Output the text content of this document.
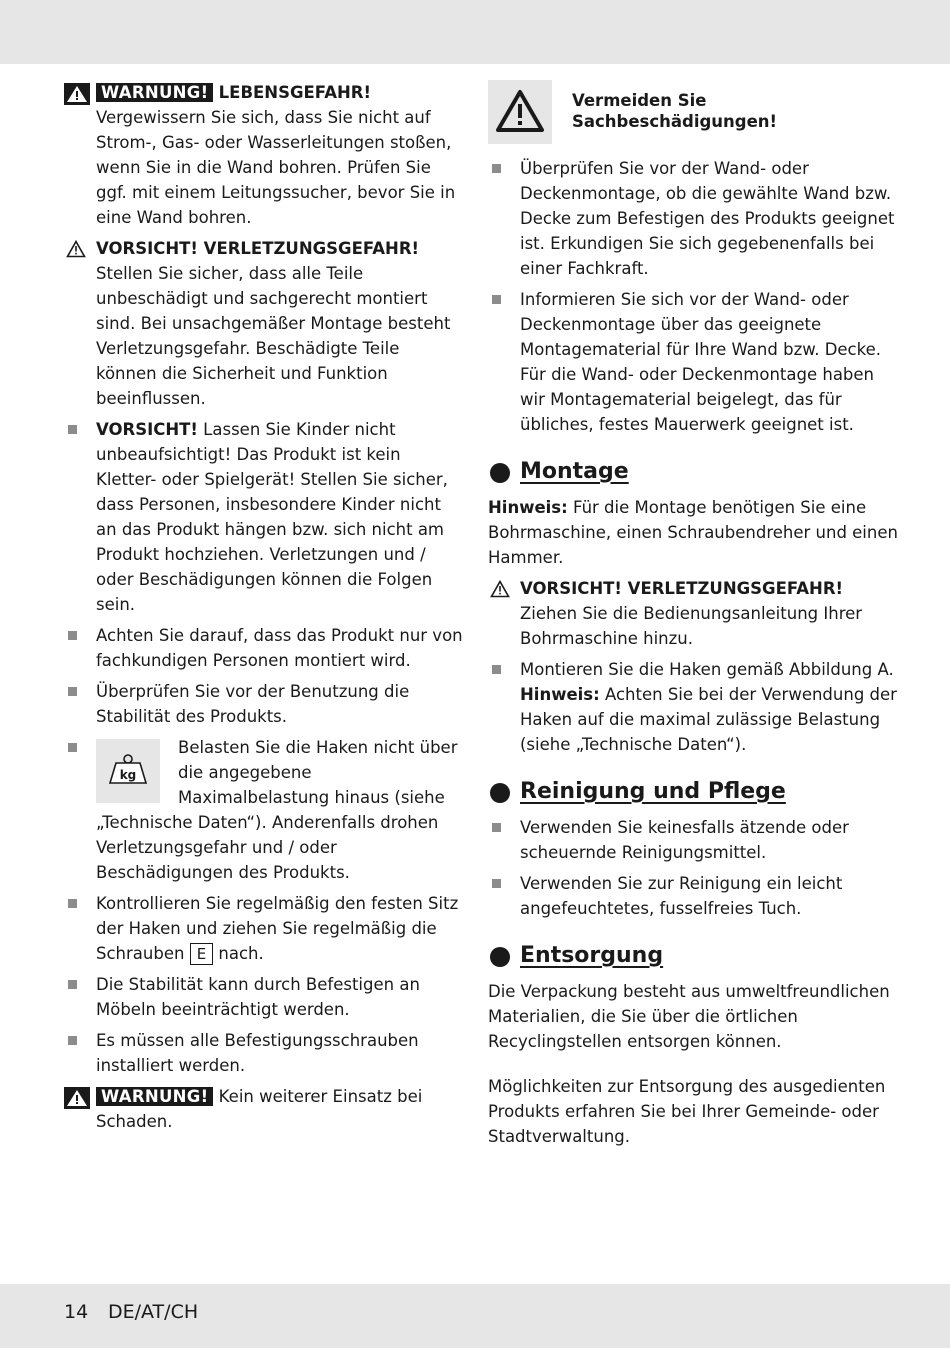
WARNUNG! LEBENSGEFAHR!
Vergewissern Sie sich, dass Sie nicht auf Strom-, Gas- oder Wasserleitungen stoßen, wenn Sie in die Wand bohren. Prüfen Sie ggf. mit einem Leitungssucher, bevor Sie in eine Wand bohren.
VORSICHT! VERLETZUNGSGEFAHR!
Stellen Sie sicher, dass alle Teile unbeschädigt und sachgerecht montiert sind. Bei unsachgemäßer Montage besteht Verletzungsgefahr. Beschädigte Teile können die Sicherheit und Funktion beeinflussen.
VORSICHT! Lassen Sie Kinder nicht unbeaufsichtigt! Das Produkt ist kein Kletter- oder Spielgerät! Stellen Sie sicher, dass Personen, insbesondere Kinder nicht an das Produkt hängen bzw. sich nicht am Produkt hochziehen. Verletzungen und / oder Beschädigungen können die Folgen sein.
Achten Sie darauf, dass das Produkt nur von fachkundigen Personen montiert wird.
Überprüfen Sie vor der Benutzung die Stabilität des Produkts.
kg
Belasten Sie die Haken nicht über die angegebene Maximalbelastung hinaus (siehe „Technische Daten“). Anderenfalls drohen Verletzungsgefahr und / oder Beschädigungen des Produkts.
Kontrollieren Sie regelmäßig den festen Sitz der Haken und ziehen Sie regelmäßig die Schrauben E nach.
Die Stabilität kann durch Befestigen an Möbeln beeinträchtigt werden.
Es müssen alle Befestigungsschrauben installiert werden.
WARNUNG! Kein weiterer Einsatz bei Schaden.
Vermeiden Sie Sachbeschädigungen!
Überprüfen Sie vor der Wand- oder Deckenmontage, ob die gewählte Wand bzw. Decke zum Befestigen des Produkts geeignet ist. Erkundigen Sie sich gegebenenfalls bei einer Fachkraft.
Informieren Sie sich vor der Wand- oder Deckenmontage über das geeignete Montagematerial für Ihre Wand bzw. Decke. Für die Wand- oder Deckenmontage haben wir Montagematerial beigelegt, das für übliches, festes Mauerwerk geeignet ist.
Montage
Hinweis: Für die Montage benötigen Sie eine Bohrmaschine, einen Schraubendreher und einen Hammer.
VORSICHT! VERLETZUNGSGEFAHR!
Ziehen Sie die Bedienungsanleitung Ihrer Bohrmaschine hinzu.
Montieren Sie die Haken gemäß Abbildung A.
Hinweis: Achten Sie bei der Verwendung der Haken auf die maximal zulässige Belastung (siehe „Technische Daten“).
Reinigung und Pflege
Verwenden Sie keinesfalls ätzende oder scheuernde Reinigungsmittel.
Verwenden Sie zur Reinigung ein leicht angefeuchtetes, fusselfreies Tuch.
Entsorgung
Die Verpackung besteht aus umweltfreundlichen Materialien, die Sie über die örtlichen Recyclingstellen entsorgen können.
Möglichkeiten zur Entsorgung des ausgedienten Produkts erfahren Sie bei Ihrer Gemeinde- oder Stadtverwaltung.
14 DE/AT/CH
